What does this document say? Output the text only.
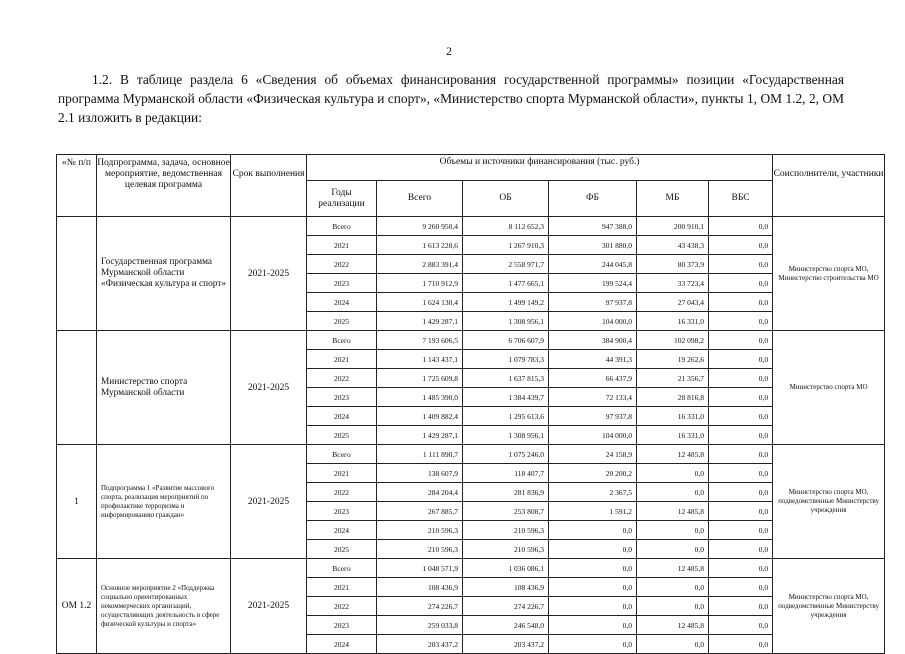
2
1.2. В таблице раздела 6 «Сведения об объемах финансирования государственной программы» позиции «Государственная программа Мурманской области «Физическая культура и спорт», «Министерство спорта Мурманской области», пункты 1, ОМ 1.2, 2, ОМ 2.1 изложить в редакции:
«№ п/п	Подпрограмма, задача, основное мероприятие, ведомственная целевая программа	Срок выполнения	Объемы и источники финансирования (тыс. руб.)						Соисполнители, участники
			Годы реализации	Всего	ОБ	ФБ	МБ	ВБС	
	Государственная программа Мурманской области «Физическая культура и спорт»	2021-2025	Всего	9 260 950,4	8 112 652,3	947 388,0	200 910,1	0,0	Министерство спорта МО, Министерство строительства МО
			2021	1 613 228,6	1 267 910,3	301 880,0	43 438,3	0,0	
			2022	2 883 391,4	2 558 971,7	244 045,8	80 373,9	0,0	
			2023	1 710 912,9	1 477 665,1	199 524,4	33 723,4	0,0	
			2024	1 624 130,4	1 499 149,2	97 937,8	27 043,4	0,0	
			2025	1 429 287,1	1 308 956,1	104 000,0	16 331,0	0,0	
	Министерство спорта Мурманской области	2021-2025	Всего	7 193 606,5	6 706 607,9	384 900,4	102 098,2	0,0	Министерство спорта МО
			2021	1 143 437,1	1 079 783,3	44 391,3	19 262,6	0,0	
			2022	1 725 609,8	1 637 815,3	66 437,9	21 356,7	0,0	
			2023	1 485 390,0	1 384 439,7	72 133,4	28 816,8	0,0	
			2024	1 409 882,4	1 295 613,6	97 937,8	16 331,0	0,0	
			2025	1 429 287,1	1 308 956,1	104 000,0	16 331,0	0,0	
1	Подпрограмма 1 «Развитие массового спорта, реализация мероприятий по профилактике терроризма и информированию граждан»	2021-2025	Всего	1 111 890,7	1 075 246,0	24 158,9	12 485,8	0,0	Министерство спорта МО, подведомственные Министерству учреждения
			2021	138 607,9	118 407,7	20 200,2	0,0	0,0	
			2022	284 204,4	281 836,9	2 367,5	0,0	0,0	
			2023	267 885,7	253 808,7	1 591,2	12 485,8	0,0	
			2024	210 596,3	210 596,3	0,0	0,0	0,0	
			2025	210 596,3	210 596,3	0,0	0,0	0,0	
ОМ 1.2	Основное мероприятие 2 «Поддержка социально ориентированных некоммерческих организаций, осуществляющих деятельность в сфере физической культуры и спорта»	2021-2025	Всего	1 048 571,9	1 036 086,1	0,0	12 485,8	0,0	Министерство спорта МО, подведомственные Министерству учреждения
			2021	108 436,9	108 436,9	0,0	0,0	0,0	
			2022	274 226,7	274 226,7	0,0	0,0	0,0	
			2023	259 033,8	246 548,0	0,0	12 485,8	0,0	
			2024	203 437,2	203 437,2	0,0	0,0	0,0	
